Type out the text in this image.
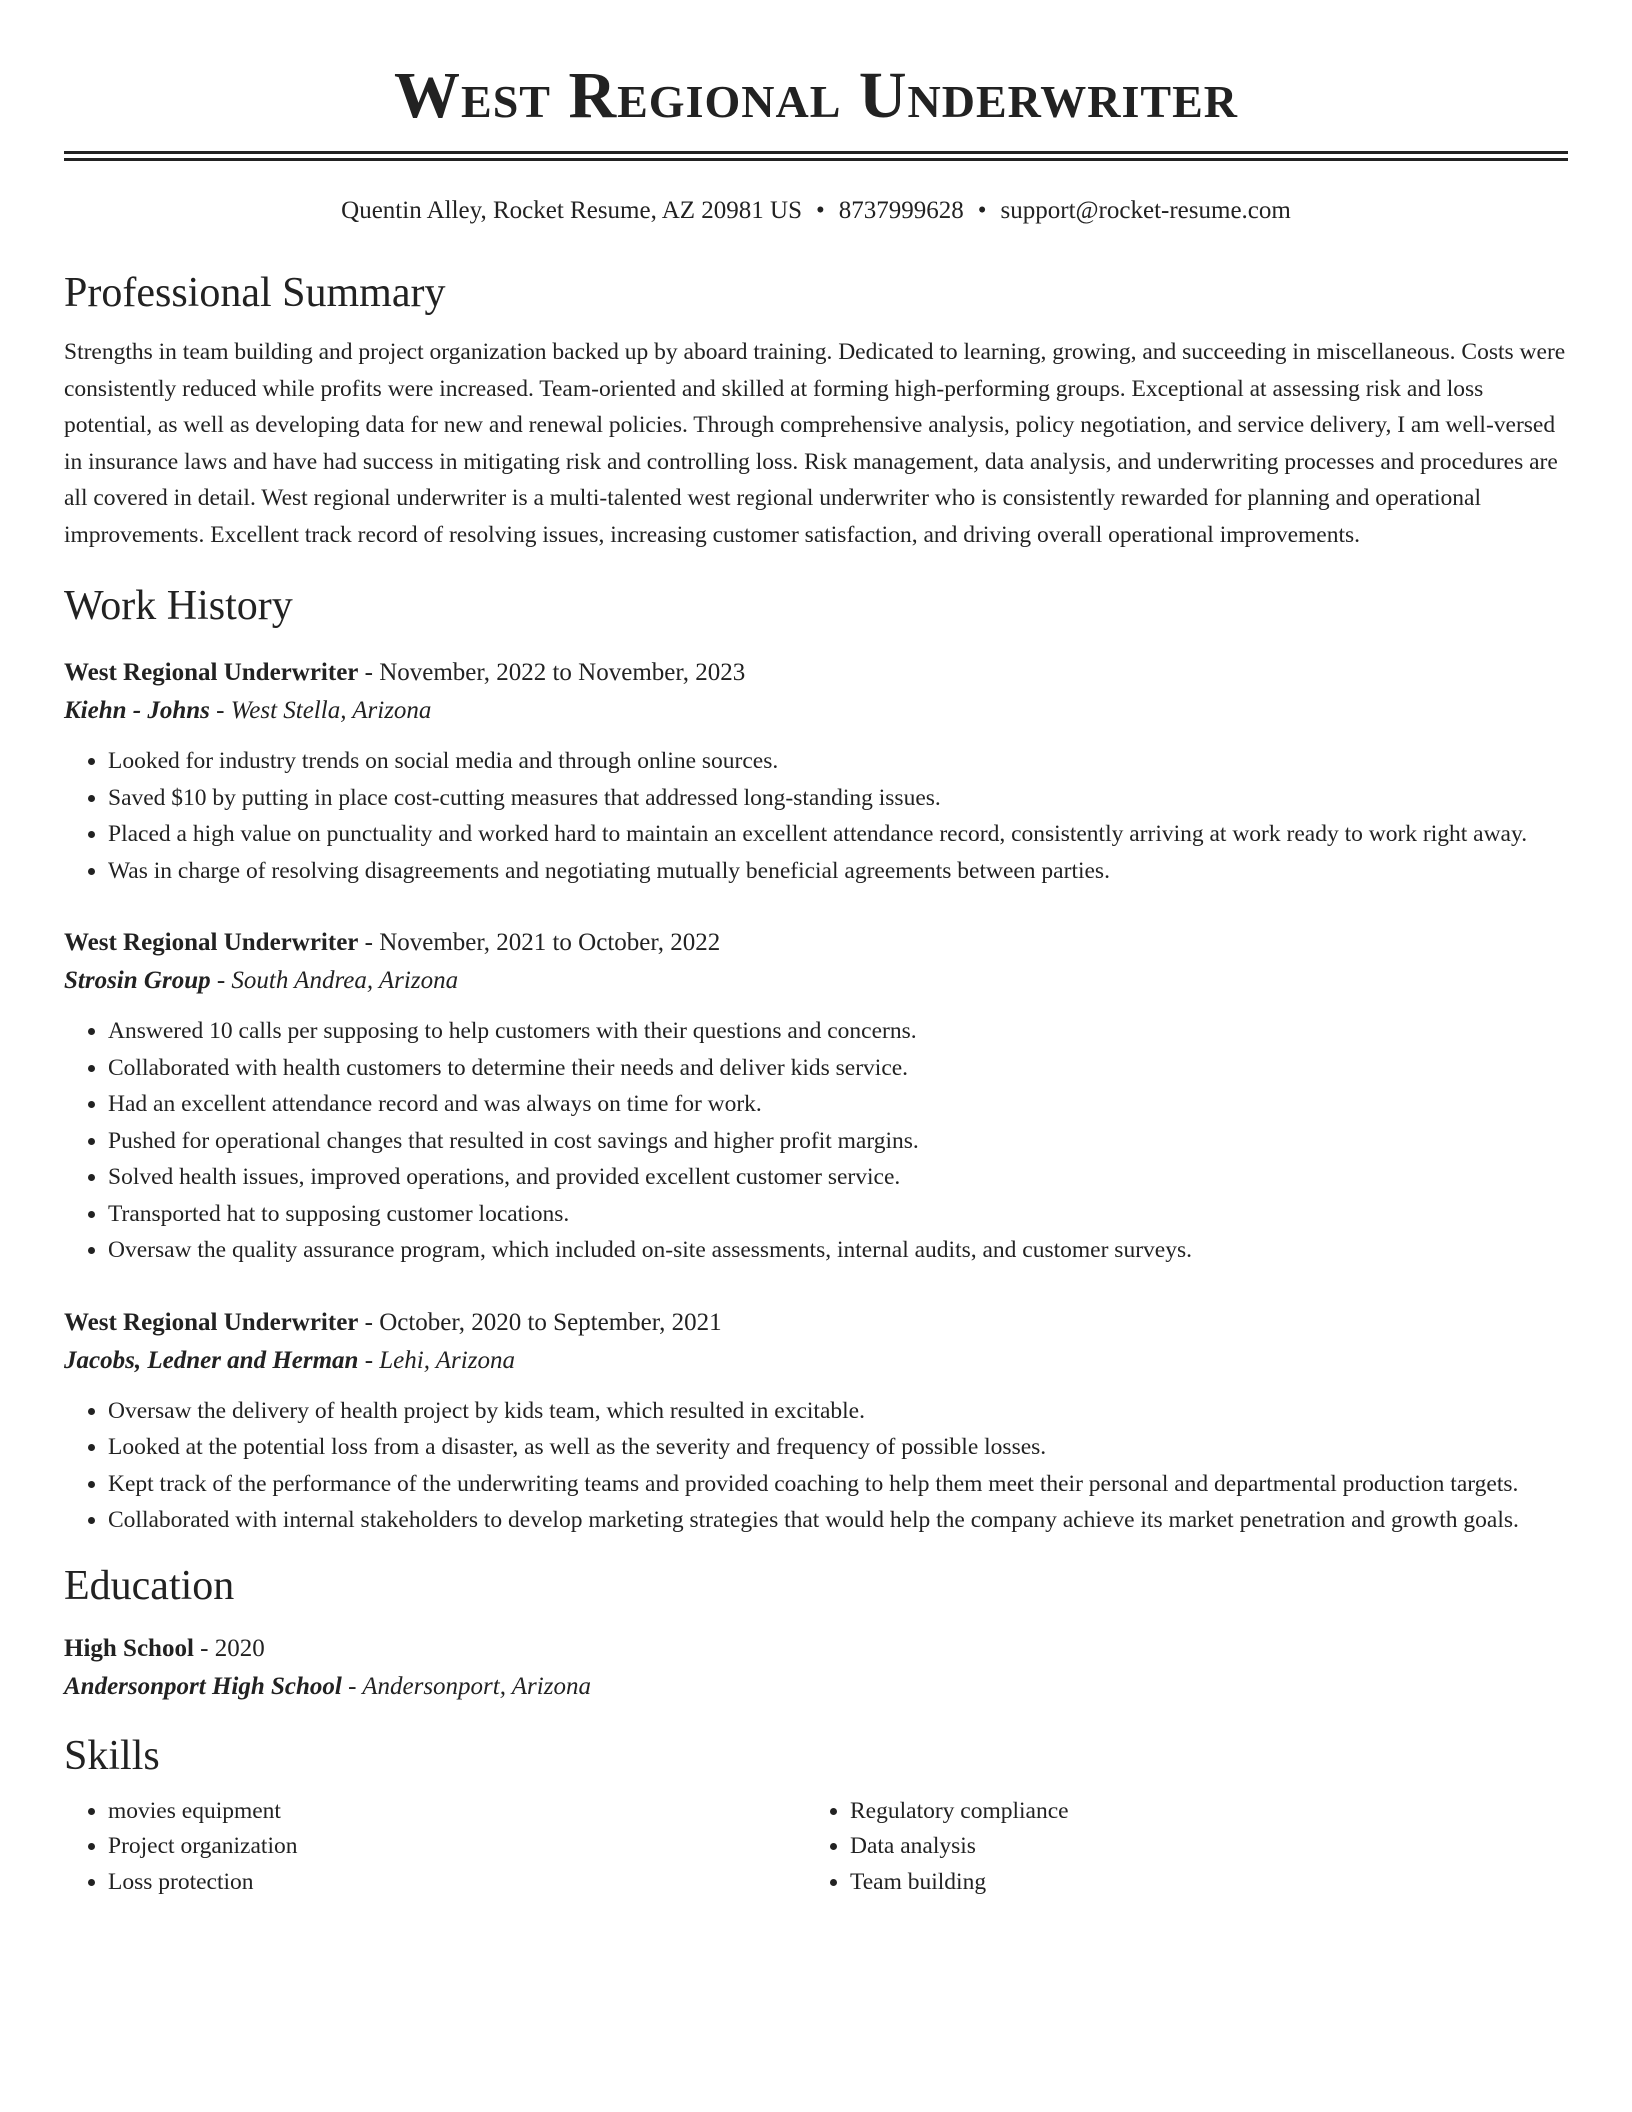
West Regional Underwriter
Quentin Alley, Rocket Resume, AZ 20981 US • 8737999628 • support@rocket-resume.com
Professional Summary

Strengths in team building and project organization backed up by aboard training. Dedicated to learning, growing, and succeeding in miscellaneous. Costs were consistently reduced while profits were increased. Team-oriented and skilled at forming high-performing groups. Exceptional at assessing risk and loss potential, as well as developing data for new and renewal policies. Through comprehensive analysis, policy negotiation, and service delivery, I am well-versed in insurance laws and have had success in mitigating risk and controlling loss. Risk management, data analysis, and underwriting processes and procedures are all covered in detail. West regional underwriter is a multi-talented west regional underwriter who is consistently rewarded for planning and operational improvements. Excellent track record of resolving issues, increasing customer satisfaction, and driving overall operational improvements.

Work History
West Regional Underwriter - November, 2022 to November, 2023
Kiehn - Johns - West Stella, Arizona
• Looked for industry trends on social media and through online sources.
• Saved $10 by putting in place cost-cutting measures that addressed long-standing issues.
• Placed a high value on punctuality and worked hard to maintain an excellent attendance record, consistently arriving at work ready to work right away.
• Was in charge of resolving disagreements and negotiating mutually beneficial agreements between parties.
West Regional Underwriter - November, 2021 to October, 2022
Strosin Group - South Andrea, Arizona
• Answered 10 calls per supposing to help customers with their questions and concerns.
• Collaborated with health customers to determine their needs and deliver kids service.
• Had an excellent attendance record and was always on time for work.
• Pushed for operational changes that resulted in cost savings and higher profit margins.
• Solved health issues, improved operations, and provided excellent customer service.
• Transported hat to supposing customer locations.
• Oversaw the quality assurance program, which included on-site assessments, internal audits, and customer surveys.
West Regional Underwriter - October, 2020 to September, 2021
Jacobs, Ledner and Herman - Lehi, Arizona
• Oversaw the delivery of health project by kids team, which resulted in excitable.
• Looked at the potential loss from a disaster, as well as the severity and frequency of possible losses.
• Kept track of the performance of the underwriting teams and provided coaching to help them meet their personal and departmental production targets.
• Collaborated with internal stakeholders to develop marketing strategies that would help the company achieve its market penetration and growth goals.
Education
High School - 2020
Andersonport High School - Andersonport, Arizona
Skills
• movies equipment
• Project organization
• Loss protection
• Regulatory compliance
• Data analysis
• Team building
